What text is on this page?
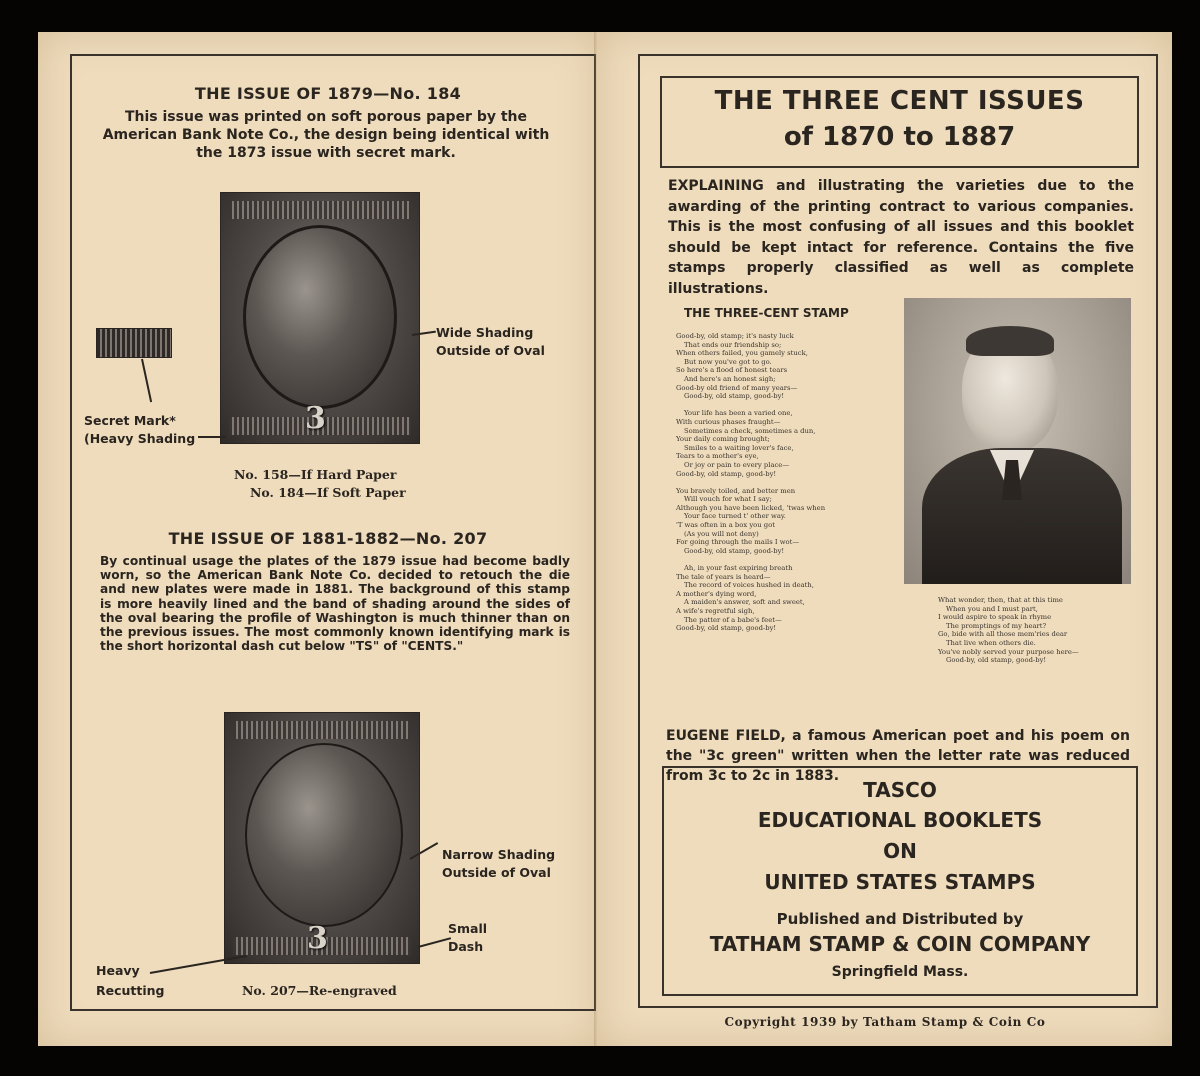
THE ISSUE OF 1879—No. 184
This issue was printed on soft porous paper by the American Bank Note Co., the design being identical with the 1873 issue with secret mark.
3
Wide Shading
Outside of Oval
Secret Mark*
(Heavy Shading
No. 158—If Hard Paper
No. 184—If Soft Paper
THE ISSUE OF 1881-1882—No. 207
By continual usage the plates of the 1879 issue had become badly worn, so the American Bank Note Co. decided to retouch the die and new plates were made in 1881. The background of this stamp is more heavily lined and the band of shading around the sides of the oval bearing the profile of Washington is much thinner than on the previous issues. The most commonly known identifying mark is the short horizontal dash cut below "TS" of "CENTS."
3
Narrow Shading
Outside of Oval
Small
Dash
Heavy
Recutting	No. 207—Re-engraved
THE THREE CENT ISSUES
of 1870 to 1887
EXPLAINING and illustrating the varieties due to the awarding of the printing contract to various companies. This is the most confusing of all issues and this booklet should be kept intact for reference. Contains the five stamps properly classified as well as complete illustrations.
THE THREE-CENT STAMP
Good-by, old stamp; it's nasty luck
That ends our friendship so;
When others failed, you gamely stuck,
But now you've got to go.
So here's a flood of honest tears
And here's an honest sigh;
Good-by old friend of many years—
Good-by, old stamp, good-by!

Your life has been a varied one,
With curious phases fraught—
Sometimes a check, sometimes a dun,
Your daily coming brought;
Smiles to a waiting lover's face,
Tears to a mother's eye,
Or joy or pain to every place—
Good-by, old stamp, good-by!

You bravely toiled, and better men
Will vouch for what I say;
Although you have been licked, 'twas when
Your face turned t' other way.
'T was often in a box you got
(As you will not deny)
For going through the mails I wot—
Good-by, old stamp, good-by!

Ah, in your fast expiring breath
The tale of years is heard—
The record of voices hushed in death,
A mother's dying word,
A maiden's answer, soft and sweet,
A wife's regretful sigh,
The patter of a babe's feet—
Good-by, old stamp, good-by!
What wonder, then, that at this time
When you and I must part,
I would aspire to speak in rhyme
The promptings of my heart?
Go, bide with all those mem'ries dear
That live when others die.
You've nobly served your purpose here—
Good-by, old stamp, good-by!
EUGENE FIELD, a famous American poet and his poem on the "3c green" written when the letter rate was reduced from 3c to 2c in 1883.
TASCO
EDUCATIONAL BOOKLETS
ON
UNITED STATES STAMPS
Published and Distributed by
TATHAM STAMP & COIN COMPANY
Springfield Mass.
Copyright 1939 by Tatham Stamp & Coin Co
